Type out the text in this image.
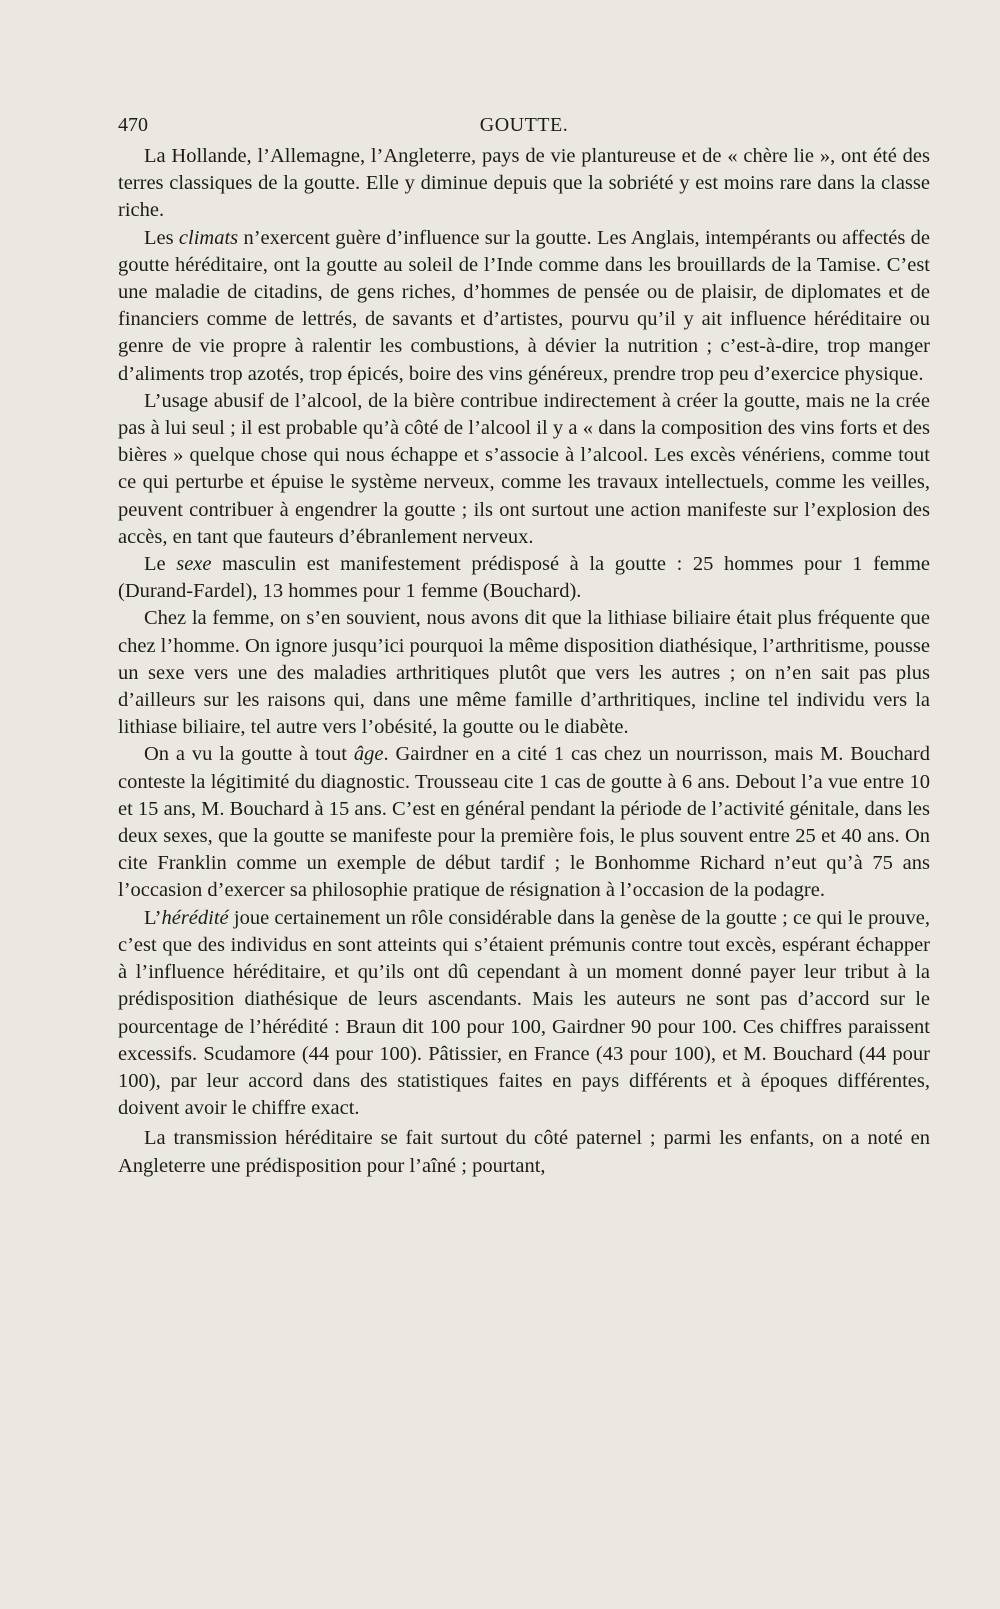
470	GOUTTE.

La Hollande, l’Allemagne, l’Angleterre, pays de vie plantureuse et de « chère lie », ont été des terres classiques de la goutte. Elle y diminue depuis que la sobriété y est moins rare dans la classe riche.

Les climats n’exercent guère d’influence sur la goutte. Les Anglais, intempérants ou affectés de goutte héréditaire, ont la goutte au soleil de l’Inde comme dans les brouillards de la Tamise. C’est une maladie de citadins, de gens riches, d’hommes de pensée ou de plaisir, de diplomates et de financiers comme de lettrés, de savants et d’artistes, pourvu qu’il y ait influence héréditaire ou genre de vie propre à ralentir les combustions, à dévier la nutrition ; c’est-à-dire, trop manger d’aliments trop azotés, trop épicés, boire des vins généreux, prendre trop peu d’exercice physique.

L’usage abusif de l’alcool, de la bière contribue indirectement à créer la goutte, mais ne la crée pas à lui seul ; il est probable qu’à côté de l’alcool il y a « dans la composition des vins forts et des bières » quelque chose qui nous échappe et s’associe à l’alcool. Les excès vénériens, comme tout ce qui perturbe et épuise le système nerveux, comme les travaux intellectuels, comme les veilles, peuvent contribuer à engendrer la goutte ; ils ont surtout une action manifeste sur l’explosion des accès, en tant que fauteurs d’ébranlement nerveux.

Le sexe masculin est manifestement prédisposé à la goutte : 25 hommes pour 1 femme (Durand-Fardel), 13 hommes pour 1 femme (Bouchard).

Chez la femme, on s’en souvient, nous avons dit que la lithiase biliaire était plus fréquente que chez l’homme. On ignore jusqu’ici pourquoi la même disposition diathésique, l’arthritisme, pousse un sexe vers une des maladies arthritiques plutôt que vers les autres ; on n’en sait pas plus d’ailleurs sur les raisons qui, dans une même famille d’arthritiques, incline tel individu vers la lithiase biliaire, tel autre vers l’obésité, la goutte ou le diabète.

On a vu la goutte à tout âge. Gairdner en a cité 1 cas chez un nourrisson, mais M. Bouchard conteste la légitimité du diagnostic. Trousseau cite 1 cas de goutte à 6 ans. Debout l’a vue entre 10 et 15 ans, M. Bouchard à 15 ans. C’est en général pendant la période de l’activité génitale, dans les deux sexes, que la goutte se manifeste pour la première fois, le plus souvent entre 25 et 40 ans. On cite Franklin comme un exemple de début tardif ; le Bonhomme Richard n’eut qu’à 75 ans l’occasion d’exercer sa philosophie pratique de résignation à l’occasion de la podagre.

L’hérédité joue certainement un rôle considérable dans la genèse de la goutte ; ce qui le prouve, c’est que des individus en sont atteints qui s’étaient prémunis contre tout excès, espérant échapper à l’influence héréditaire, et qu’ils ont dû cependant à un moment donné payer leur tribut à la prédisposition diathésique de leurs ascendants. Mais les auteurs ne sont pas d’accord sur le pourcentage de l’hérédité : Braun dit 100 pour 100, Gairdner 90 pour 100. Ces chiffres paraissent excessifs. Scudamore (44 pour 100). Pâtissier, en France (43 pour 100), et M. Bouchard (44 pour 100), par leur accord dans des statistiques faites en pays différents et à époques différentes, doivent avoir le chiffre exact.

La transmission héréditaire se fait surtout du côté paternel ; parmi les enfants, on a noté en Angleterre une prédisposition pour l’aîné ; pourtant,
